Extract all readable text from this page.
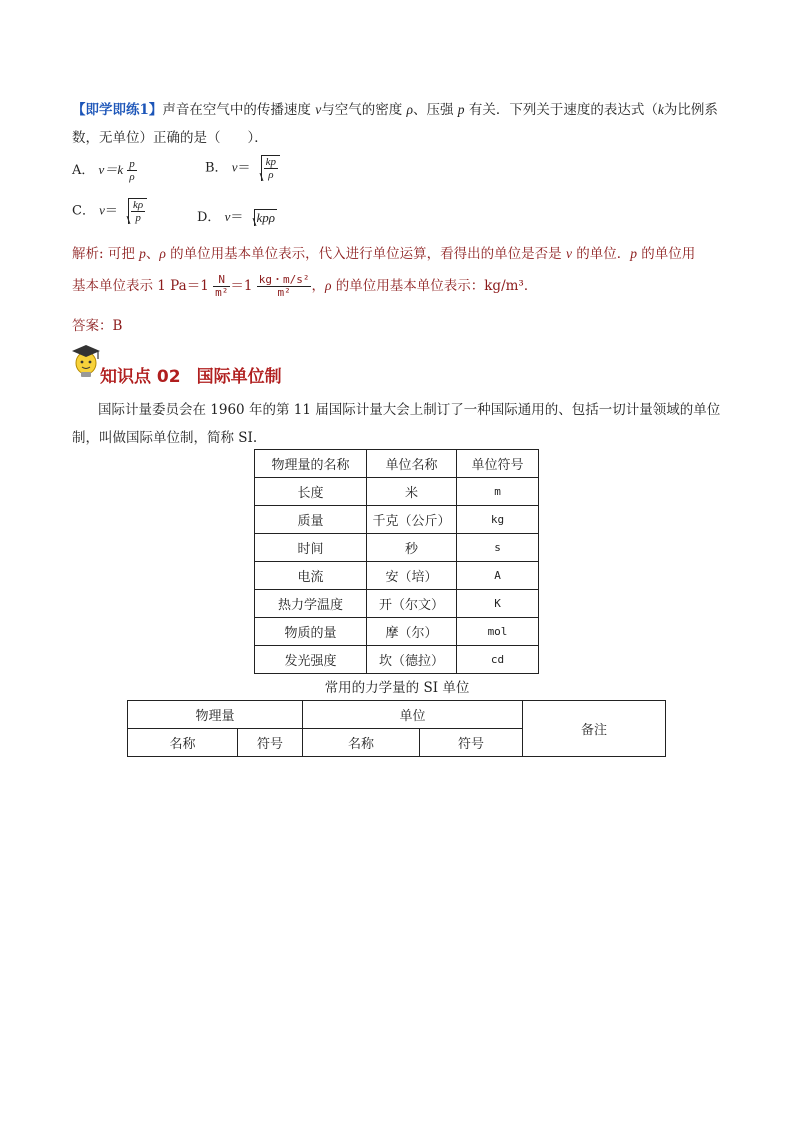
【即学即练1】声音在空气中的传播速度 v与空气的密度 ρ、压强 p 有关．下列关于速度的表达式（k为比例系数，无单位）正确的是（　　）．
A． $v=k \frac{p}{\rho}$	B． $v= \frac{kp}{\rho}$
C． $v= \frac{k\rho}{p}$	D． v＝ kpρ
解析: 可把 p、ρ 的单位用基本单位表示，代入进行单位运算，看得出的单位是否是 v 的单位．p 的单位用
基本单位表示 1 $Pa=1 \frac{N}{\text{m²}} =1 \frac{\text{kg・m/s²}}{\text{m²}}$ ，ρ 的单位用基本单位表示：kg/m³．
答案：B
知识点 02 国际单位制
国际计量委员会在 1960 年的第 11 届国际计量大会上制订了一种国际通用的、包括一切计量领域的单位制，叫做国际单位制，简称 SI.
物理量的名称	单位名称	单位符号
长度	米	m
质量	千克（公斤）	kg
时间	秒	s
电流	安（培）	A
热力学温度	开（尔文）	K
物质的量	摩（尔）	mol
发光强度	坎（德拉）	cd
常用的力学量的 SI 单位
物理量		单位		备注
名称	符号	名称	符号	
